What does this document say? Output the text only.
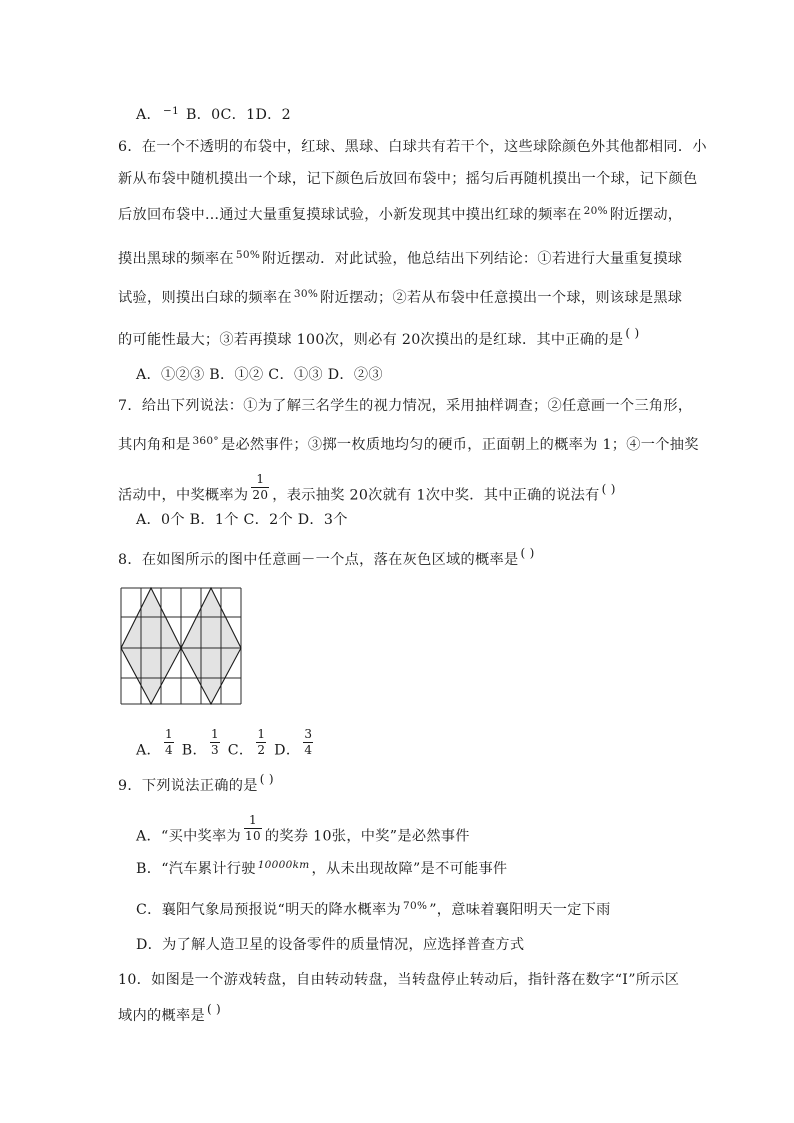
A． $^{-1}$ B．0C．1D．2
6．在一个不透明的布袋中，红球、黑球、白球共有若干个，这些球除颜色外其他都相同．小
新从布袋中随机摸出一个球，记下颜色后放回布袋中；摇匀后再随机摸出一个球，记下颜色
后放回布袋中…通过大量重复摸球试验，小新发现其中摸出红球的频率在 $^{20\%}$ 附近摆动，
摸出黑球的频率在 $^{50\%}$ 附近摆动．对此试验，他总结出下列结论：①若进行大量重复摸球
试验，则摸出白球的频率在 $^{30\%}$ 附近摆动；②若从布袋中任意摸出一个球，则该球是黑球
的可能性最大；③若再摸球 100次，则必有 20次摸出的是红球．其中正确的是 ( )
A．①②③ B．①② C．①③ D．②③
7．给出下列说法：①为了解三名学生的视力情况，采用抽样调查；②任意画一个三角形，
其内角和是 $^{360^\circ}$ 是必然事件；③掷一枚质地均匀的硬币，正面朝上的概率为 1；④一个抽奖
活动中，中奖概率为 $\frac{1}{20}$ ，表示抽奖 20次就有 1次中奖．其中正确的说法有 ( )
A．0个 B．1个 C．2个 D．3个
8．在如图所示的图中任意画－一个点，落在灰色区域的概率是 ( )
A． $\frac{1}{4}$ B． $\frac{1}{3}$ C． $\frac{1}{2}$ D． $\frac{3}{4}$
9．下列说法正确的是 ( )
A．“买中奖率为 $\frac{1}{10}$ 的奖券 10张，中奖”是必然事件
B．“汽车累计行驶 $^{10000km}$ ，从未出现故障”是不可能事件
C．襄阳气象局预报说“明天的降水概率为 $^{70\%}$ ”，意味着襄阳明天一定下雨
D．为了解人造卫星的设备零件的质量情况，应选择普查方式
10．如图是一个游戏转盘，自由转动转盘，当转盘停止转动后，指针落在数字“Ⅰ”所示区
域内的概率是 ( )
